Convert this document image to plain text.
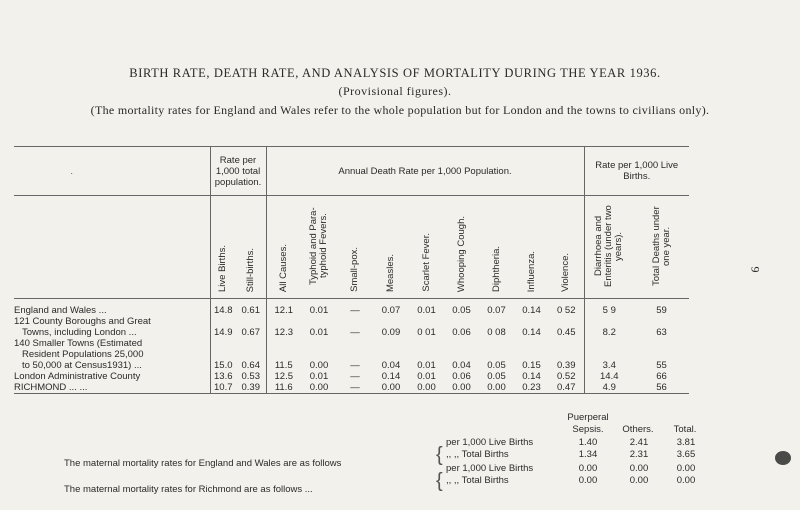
BIRTH RATE, DEATH RATE, AND ANALYSIS OF MORTALITY DURING THE YEAR 1936.
(Provisional figures).
(The mortality rates for England and Wales refer to the whole population but for London and the towns to civilians only).
9
.	Rate per 1,000 total population.		Annual Death Rate per 1,000 Population.									Rate per 1,000 Live Births.	

	Live Births.	Still-births.	All Causes.	Typhoid and Para-typhoid Fevers.	Small-pox.	Measles.	Scarlet Fever.	Whooping Cough.	Diphtheria.	Influenza.	Violence.	Diarrhoea and Enteritis (under two years).	Total Deaths under one year.

England and Wales ...	14.8	0.61	12.1	0.01	—	0.07	0.01	0.05	0.07	0.14	0 52	5 9	59
121 County Boroughs and Great													
Towns, including London ...	14.9	0.67	12.3	0.01	—	0.09	0 01	0.06	0 08	0.14	0.45	8.2	63
140 Smaller Towns (Estimated													
Resident Populations 25,000													
to 50,000 at Census1931) ...	15.0	0.64	11.5	0.00	—	0.04	0.01	0.04	0.05	0.15	0.39	3.4	55
London Administrative County	13.6	0.53	12.5	0.01	—	0.14	0.01	0.06	0.05	0.14	0.52	14.4	66
RICHMOND ... ...	10.7	0.39	11.6	0.00	—	0.00	0.00	0.00	0.00	0.23	0.47	4.9	56
Puerperal Sepsis.	Others.	Total.
The maternal mortality rates for England and Wales are as follows
The maternal mortality rates for Richmond are as follows ...
{
{
per 1,000 Live Births	1.40	2.41	3.81
,, ,, Total Births	1.34	2.31	3.65
per 1,000 Live Births	0.00	0.00	0.00
,, ,, Total Births	0.00	0.00	0.00
